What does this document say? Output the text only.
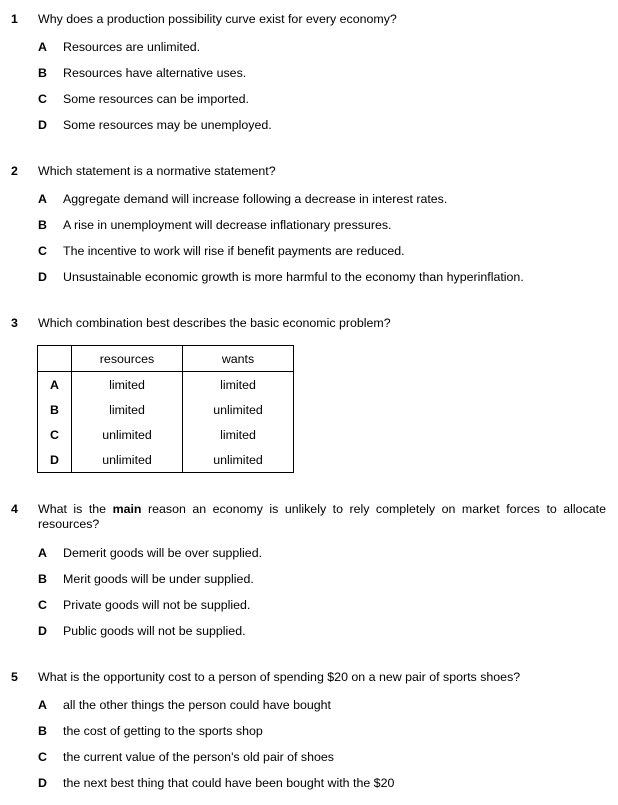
1 Why does a production possibility curve exist for every economy?
A Resources are unlimited.
B Resources have alternative uses.
C Some resources can be imported.
D Some resources may be unemployed.
2 Which statement is a normative statement?
A Aggregate demand will increase following a decrease in interest rates.
B A rise in unemployment will decrease inflationary pressures.
C The incentive to work will rise if benefit payments are reduced.
D Unsustainable economic growth is more harmful to the economy than hyperinflation.
3 Which combination best describes the basic economic problem?
	resources	wants
A	limited	limited
B	limited	unlimited
C	unlimited	limited
D	unlimited	unlimited
4 What is the main reason an economy is unlikely to rely completely on market forces to allocate resources?
A Demerit goods will be over supplied.
B Merit goods will be under supplied.
C Private goods will not be supplied.
D Public goods will not be supplied.
5 What is the opportunity cost to a person of spending $20 on a new pair of sports shoes?
A all the other things the person could have bought
B the cost of getting to the sports shop
C the current value of the person's old pair of shoes
D the next best thing that could have been bought with the $20
